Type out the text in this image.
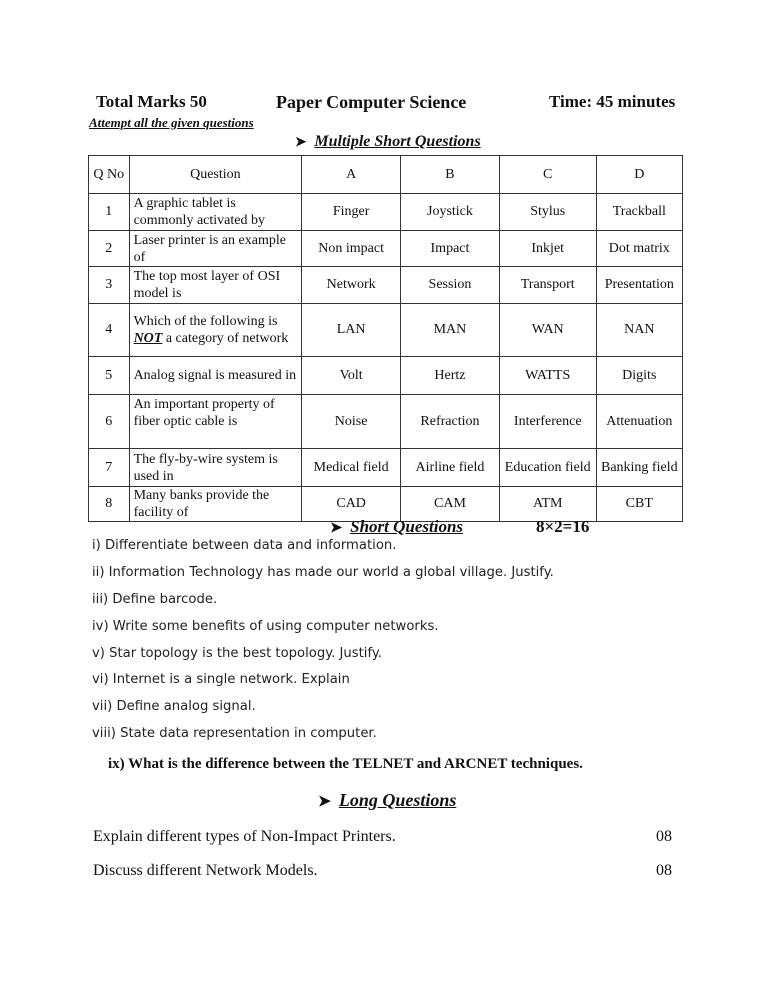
Total Marks 50	Paper Computer Science	Time: 45 minutes
Attempt all the given questions
➤ Multiple Short Questions
Q No	Question	A	B	C	D
1	A graphic tablet is commonly activated by	Finger	Joystick	Stylus	Trackball
2	Laser printer is an example of	Non impact	Impact	Inkjet	Dot matrix
3	The top most layer of OSI model is	Network	Session	Transport	Presentation
4	Which of the following is NOT a category of network	LAN	MAN	WAN	NAN
5	Analog signal is measured in	Volt	Hertz	WATTS	Digits
6	An important property of fiber optic cable is	Noise	Refraction	Interference	Attenuation
7	The fly-by-wire system is used in	Medical field	Airline field	Education field	Banking field
8	Many banks provide the facility of	CAD	CAM	ATM	CBT
➤ Short Questions	8×2=16
i) Differentiate between data and information.
ii) Information Technology has made our world a global village. Justify.
iii) Define barcode.
iv) Write some benefits of using computer networks.
v) Star topology is the best topology. Justify.
vi) Internet is a single network. Explain
vii) Define analog signal.
viii) State data representation in computer.
ix) What is the difference between the TELNET and ARCNET techniques.
➤ Long Questions
Explain different types of Non-Impact Printers.	08
Discuss different Network Models.	08
